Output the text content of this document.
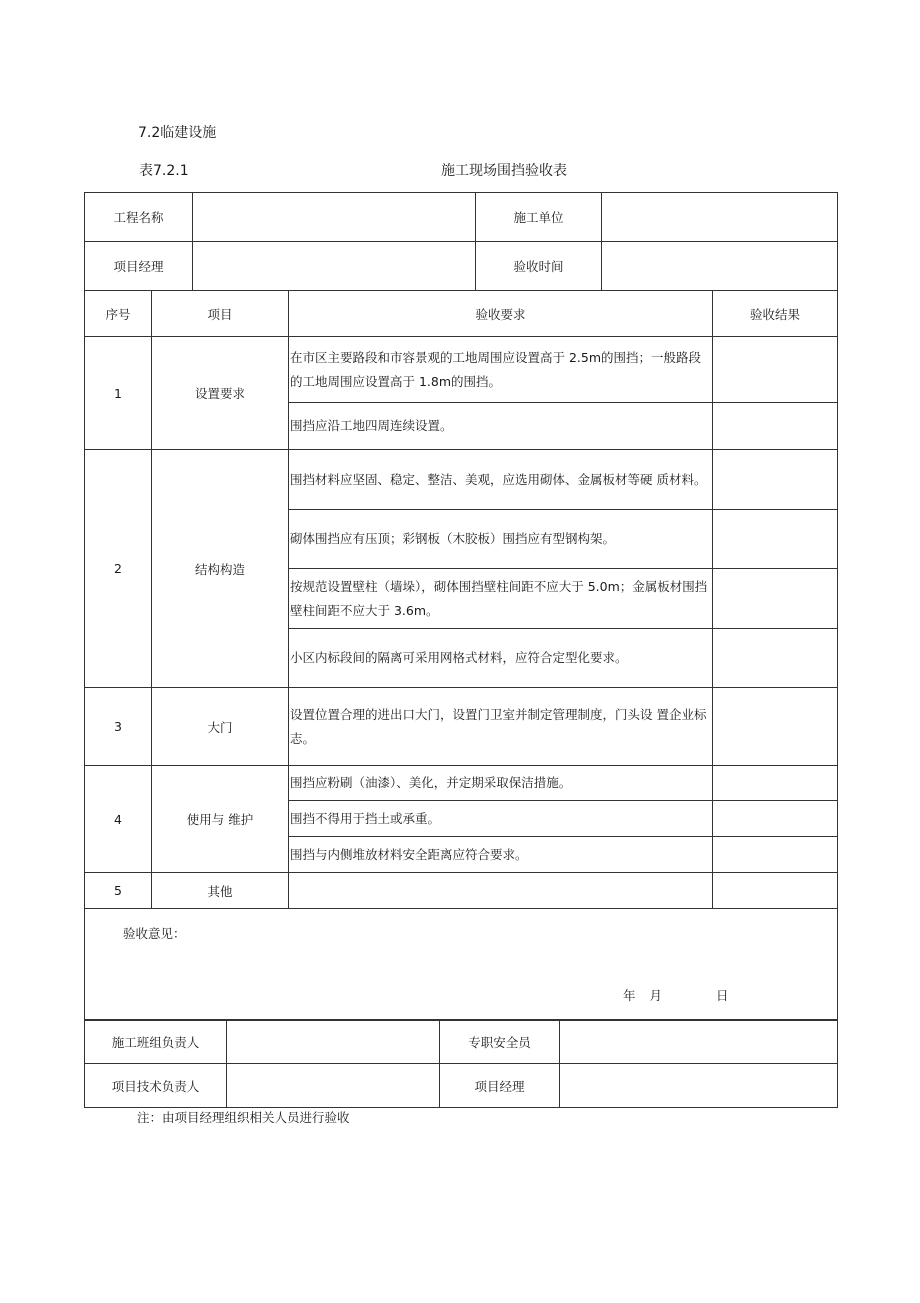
7.2临建设施
表7.2.1	施工现场围挡验收表
工程名称		施工单位	
项目经理		验收时间	
序号	项目	验收要求	验收结果
1	设置要求	在市区主要路段和市容景观的工地周围应设置高于 2.5m的围挡；一般路段的工地周围应设置高于 1.8m的围挡。	
		围挡应沿工地四周连续设置。	
2	结构构造	围挡材料应坚固、稳定、整洁、美观，应选用砌体、金属板材等硬 质材料。	
		砌体围挡应有压顶；彩钢板（木胶板）围挡应有型钢构架。	
		按规范设置壁柱（墙垛），砌体围挡壁柱间距不应大于 5.0m；金属板材围挡壁柱间距不应大于 3.6m。	
		小区内标段间的隔离可采用网格式材料，应符合定型化要求。	
3	大门	设置位置合理的进出口大门，设置门卫室并制定管理制度，门头设 置企业标志。	
4	使用与 维护	围挡应粉刷（油漆）、美化，并定期采取保洁措施。	
		围挡不得用于挡土或承重。	
		围挡与内侧堆放材料安全距离应符合要求。	
5	其他		

验收意见：
年 月 日			
施工班组负责人		专职安全员	
项目技术负责人		项目经理	
注：由项目经理组织相关人员进行验收
